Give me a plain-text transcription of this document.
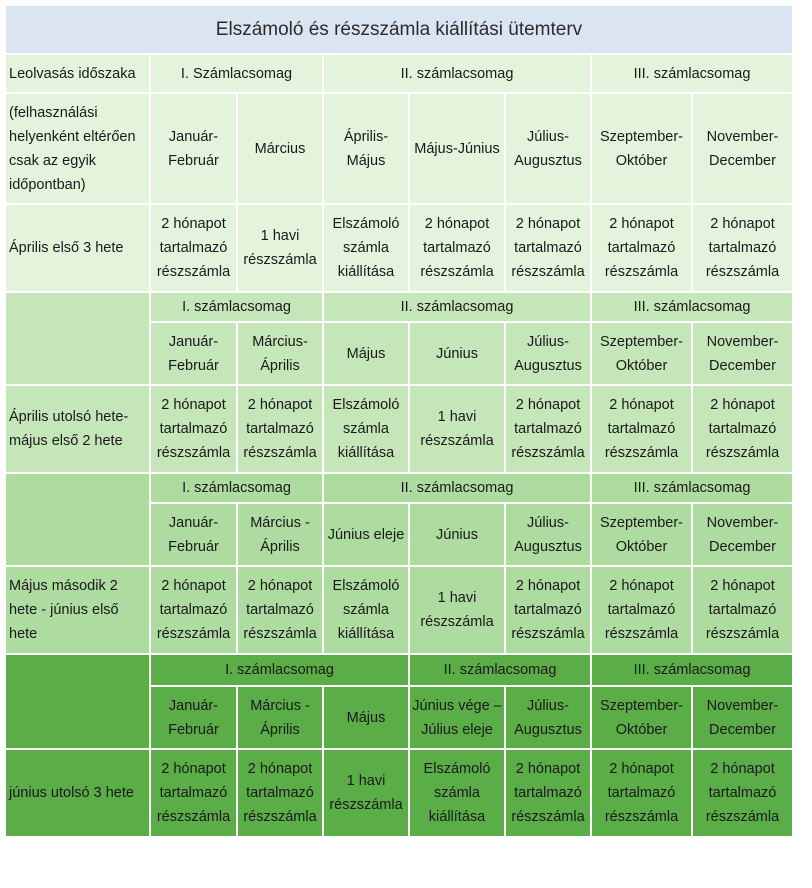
Elszámoló és részszámla kiállítási ütemterv							
Leolvasás időszaka	I. Számlacsomag		II. számlacsomag			III. számlacsomag	
(felhasználási
helyenként eltérően
csak az egyik
időpontban)	Január-
Február	Március	Április-
Május	Május-Június	Július-
Augusztus	Szeptember-
Október	November-
December
Április első 3 hete	2 hónapot
tartalmazó
részszámla	1 havi
részszámla	Elszámoló
számla
kiállítása	2 hónapot
tartalmazó
részszámla	2 hónapot
tartalmazó
részszámla	2 hónapot
tartalmazó
részszámla	2 hónapot
tartalmazó
részszámla
	I. számlacsomag		II. számlacsomag			III. számlacsomag	
	Január-
Február	Március-
Április	Május	Június	Július-
Augusztus	Szeptember-
Október	November-
December
Április utolsó hete-
május első 2 hete	2 hónapot
tartalmazó
részszámla	2 hónapot
tartalmazó
részszámla	Elszámoló
számla
kiállítása	1 havi
részszámla	2 hónapot
tartalmazó
részszámla	2 hónapot
tartalmazó
részszámla	2 hónapot
tartalmazó
részszámla
	I. számlacsomag		II. számlacsomag			III. számlacsomag	
	Január-
Február	Március -
Április	Június eleje	Június	Július-
Augusztus	Szeptember-
Október	November-
December
Május második 2
hete - június első
hete	2 hónapot
tartalmazó
részszámla	2 hónapot
tartalmazó
részszámla	Elszámoló
számla
kiállítása	1 havi
részszámla	2 hónapot
tartalmazó
részszámla	2 hónapot
tartalmazó
részszámla	2 hónapot
tartalmazó
részszámla
	I. számlacsomag			II. számlacsomag		III. számlacsomag	
	Január-
Február	Március -
Április	Május	Június vége –
Július eleje	Július-
Augusztus	Szeptember-
Október	November-
December
június utolsó 3 hete	2 hónapot
tartalmazó
részszámla	2 hónapot
tartalmazó
részszámla	1 havi
részszámla	Elszámoló
számla
kiállítása	2 hónapot
tartalmazó
részszámla	2 hónapot
tartalmazó
részszámla	2 hónapot
tartalmazó
részszámla
